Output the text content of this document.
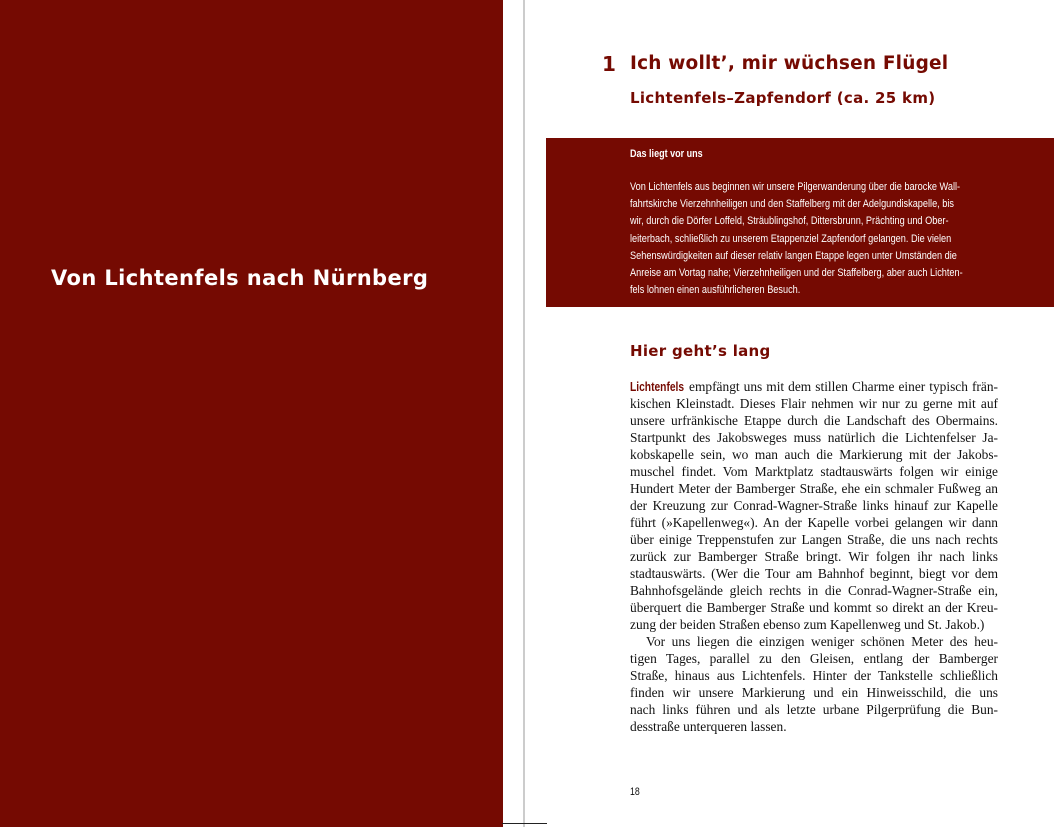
Von Lichtenfels nach Nürnberg
1 Ich wollt’, mir wüchsen Flügel
Lichtenfels–Zapfendorf (ca. 25 km)
Das liegt vor uns
Von Lichtenfels aus beginnen wir unsere Pilgerwanderung über die barocke Wall-
fahrtskirche Vierzehnheiligen und den Staffelberg mit der Adelgundiskapelle, bis
wir, durch die Dörfer Loffeld, Sträublingshof, Dittersbrunn, Prächting und Ober-
leiterbach, schließlich zu unserem Etappenziel Zapfendorf gelangen. Die vielen
Sehenswürdigkeiten auf dieser relativ langen Etappe legen unter Umständen die
Anreise am Vortag nahe; Vierzehnheiligen und der Staffelberg, aber auch Lichten-
fels lohnen einen ausführlicheren Besuch.
Hier geht’s lang
Lichtenfels empfängt uns mit dem stillen Charme einer typisch frän-
kischen Kleinstadt. Dieses Flair nehmen wir nur zu gerne mit auf
unsere urfränkische Etappe durch die Landschaft des Obermains.
Startpunkt des Jakobsweges muss natürlich die Lichtenfelser Ja-
kobskapelle sein, wo man auch die Markierung mit der Jakobs-
muschel findet. Vom Marktplatz stadtauswärts folgen wir einige
Hundert Meter der Bamberger Straße, ehe ein schmaler Fußweg an
der Kreuzung zur Conrad-Wagner-Straße links hinauf zur Kapelle
führt (»Kapellenweg«). An der Kapelle vorbei gelangen wir dann
über einige Treppenstufen zur Langen Straße, die uns nach rechts
zurück zur Bamberger Straße bringt. Wir folgen ihr nach links
stadtauswärts. (Wer die Tour am Bahnhof beginnt, biegt vor dem
Bahnhofsgelände gleich rechts in die Conrad-Wagner-Straße ein,
überquert die Bamberger Straße und kommt so direkt an der Kreu-
zung der beiden Straßen ebenso zum Kapellenweg und St. Jakob.)
Vor uns liegen die einzigen weniger schönen Meter des heu-
tigen Tages, parallel zu den Gleisen, entlang der Bamberger
Straße, hinaus aus Lichtenfels. Hinter der Tankstelle schließlich
finden wir unsere Markierung und ein Hinweisschild, die uns
nach links führen und als letzte urbane Pilgerprüfung die Bun-
desstraße unterqueren lassen.
18
